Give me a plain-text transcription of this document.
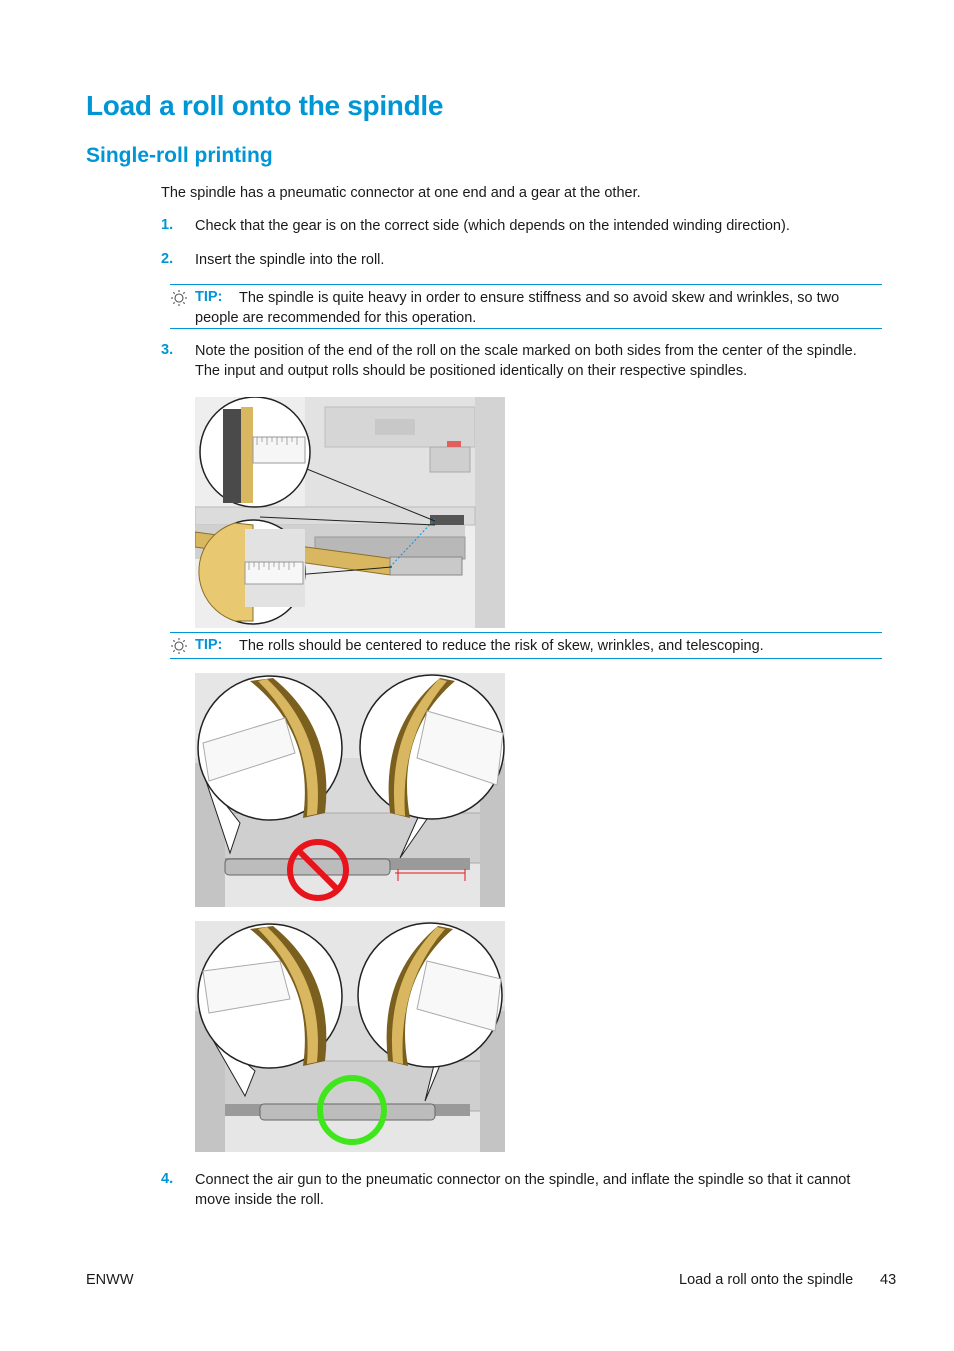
Load a roll onto the spindle
Single-roll printing
The spindle has a pneumatic connector at one end and a gear at the other.
1. Check that the gear is on the correct side (which depends on the intended winding direction).
2. Insert the spindle into the roll.
TIP:	The spindle is quite heavy in order to ensure stiffness and so avoid skew and wrinkles, so two people are recommended for this operation.
3. Note the position of the end of the roll on the scale marked on both sides from the center of the spindle. The input and output rolls should be positioned identically on their respective spindles.
TIP:	The rolls should be centered to reduce the risk of skew, wrinkles, and telescoping.
4. Connect the air gun to the pneumatic connector on the spindle, and inflate the spindle so that it cannot move inside the roll.
ENWW	Load a roll onto the spindle 43
